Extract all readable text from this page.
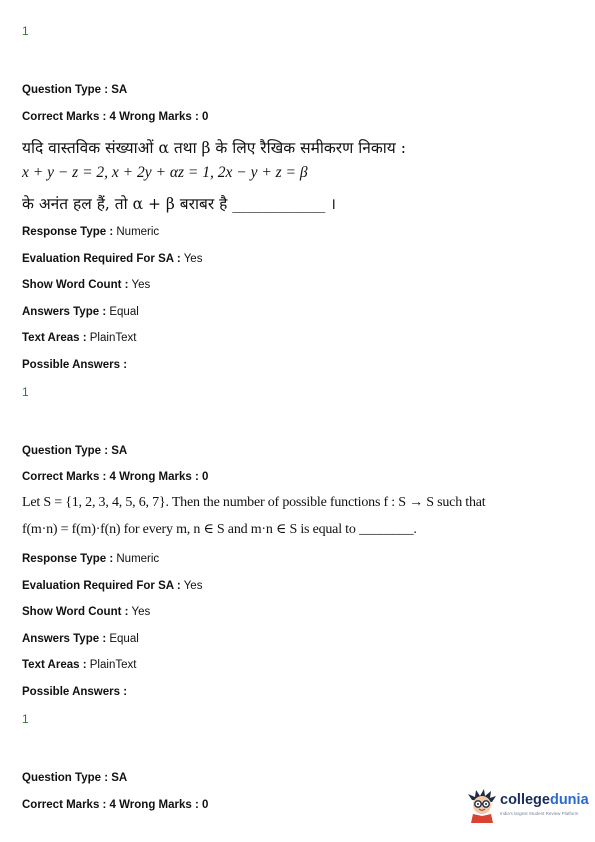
1
Question Type : SA
Correct Marks : 4 Wrong Marks : 0
यदि वास्तविक संख्याओं α तथा β के लिए रैखिक समीकरण निकाय :
x + y − z = 2, x + 2y + αz = 1, 2x − y + z = β
के अनंत हल हैं, तो α + β बराबर है ____________ ।
Response Type : Numeric
Evaluation Required For SA : Yes
Show Word Count : Yes
Answers Type : Equal
Text Areas : PlainText
Possible Answers :
1
Question Type : SA
Correct Marks : 4 Wrong Marks : 0
Let S = {1, 2, 3, 4, 5, 6, 7}. Then the number of possible functions f : S → S such that
f(m·n) = f(m)·f(n) for every m, n ∈ S and m·n ∈ S is equal to ________.
Response Type : Numeric
Evaluation Required For SA : Yes
Show Word Count : Yes
Answers Type : Equal
Text Areas : PlainText
Possible Answers :
1
Question Type : SA
Correct Marks : 4 Wrong Marks : 0	collegedunia
India's largest Student Review Platform
